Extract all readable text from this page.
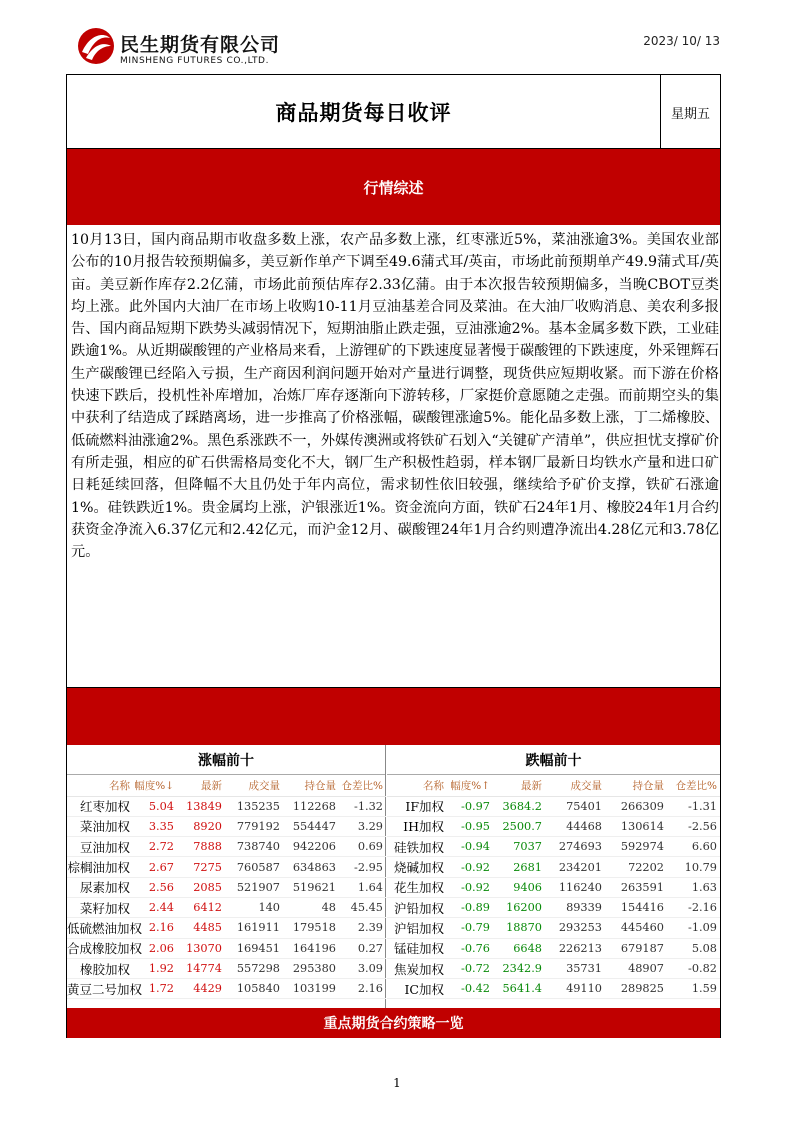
民生期货有限公司
MINSHENG FUTURES CO.,LTD.
2023/ 10/ 13
商品期货每日收评	星期五
行情综述
10月13日，国内商品期市收盘多数上涨，农产品多数上涨，红枣涨近5%，菜油涨逾3%。美国农业部公布的10月报告较预期偏多，美豆新作单产下调至49.6蒲式耳/英亩，市场此前预期单产49.9蒲式耳/英亩。美豆新作库存2.2亿蒲，市场此前预估库存2.33亿蒲。由于本次报告较预期偏多，当晚CBOT豆类均上涨。此外国内大油厂在市场上收购10-11月豆油基差合同及菜油。在大油厂收购消息、美农利多报告、国内商品短期下跌势头减弱情况下，短期油脂止跌走强，豆油涨逾2%。基本金属多数下跌，工业硅跌逾1%。从近期碳酸锂的产业格局来看，上游锂矿的下跌速度显著慢于碳酸锂的下跌速度，外采锂辉石生产碳酸锂已经陷入亏损，生产商因利润问题开始对产量进行调整，现货供应短期收紧。而下游在价格快速下跌后，投机性补库增加，冶炼厂库存逐渐向下游转移，厂家挺价意愿随之走强。而前期空头的集中获利了结造成了踩踏离场，进一步推高了价格涨幅，碳酸锂涨逾5%。能化品多数上涨，丁二烯橡胶、低硫燃料油涨逾2%。黑色系涨跌不一，外媒传澳洲或将铁矿石划入“关键矿产清单”，供应担忧支撑矿价有所走强，相应的矿石供需格局变化不大，钢厂生产积极性趋弱，样本钢厂最新日均铁水产量和进口矿日耗延续回落，但降幅不大且仍处于年内高位，需求韧性依旧较强，继续给予矿价支撑，铁矿石涨逾1%。硅铁跌近1%。贵金属均上涨，沪银涨近1%。资金流向方面，铁矿石24年1月、橡胶24年1月合约获资金净流入6.37亿元和2.42亿元，而沪金12月、碳酸锂24年1月合约则遭净流出4.28亿元和3.78亿元。
涨幅前十
名称	幅度%↓	最新	成交量	持仓量	仓差比%
红枣加权	5.04	13849	135235	112268	-1.32
菜油加权	3.35	8920	779192	554447	3.29
豆油加权	2.72	7888	738740	942206	0.69
棕榈油加权	2.67	7275	760587	634863	-2.95
尿素加权	2.56	2085	521907	519621	1.64
菜籽加权	2.44	6412	140	48	45.45
低硫燃油加权	2.16	4485	161911	179518	2.39
合成橡胶加权	2.06	13070	169451	164196	0.27
橡胶加权	1.92	14774	557298	295380	3.09
黄豆二号加权	1.72	4429	105840	103199	2.16
跌幅前十
名称	幅度%↑	最新	成交量	持仓量	仓差比%
IF加权	-0.97	3684.2	75401	266309	-1.31
IH加权	-0.95	2500.7	44468	130614	-2.56
硅铁加权	-0.94	7037	274693	592974	6.60
烧碱加权	-0.92	2681	234201	72202	10.79
花生加权	-0.92	9406	116240	263591	1.63
沪铅加权	-0.89	16200	89339	154416	-2.16
沪铝加权	-0.79	18870	293253	445460	-1.09
锰硅加权	-0.76	6648	226213	679187	5.08
焦炭加权	-0.72	2342.9	35731	48907	-0.82
IC加权	-0.42	5641.4	49110	289825	1.59
重点期货合约策略一览
1
